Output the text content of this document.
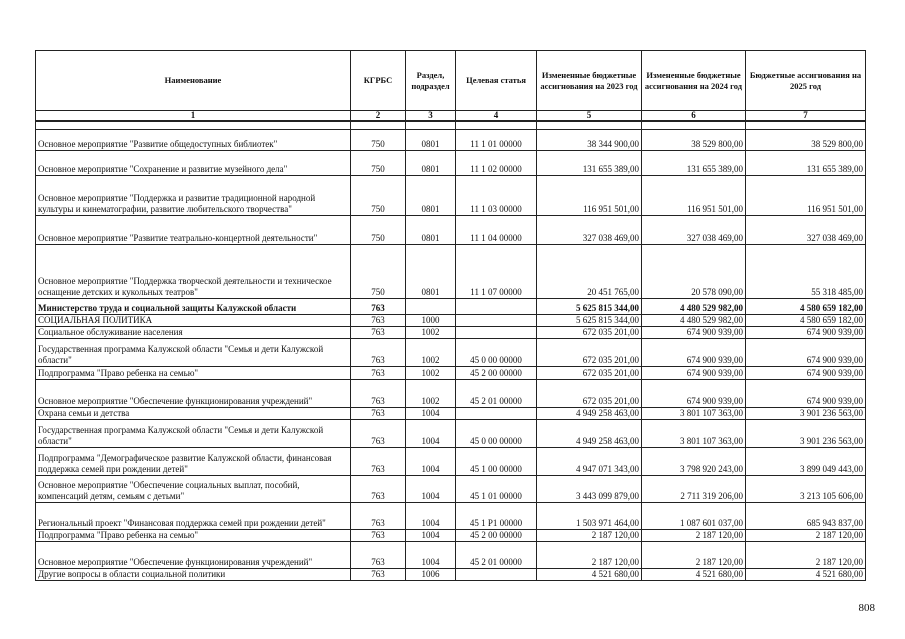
Наименование	КГРБС	Раздел, подраздел	Целевая статья	Измененные бюджетные ассигнования на 2023 год	Измененные бюджетные ассигнования на 2024 год	Бюджетные ассигнования на 2025 год
1	2	3	4	5	6	7

Основное мероприятие "Развитие общедоступных библиотек"	750	0801	11 1 01 00000	38 344 900,00	38 529 800,00	38 529 800,00
Основное мероприятие "Сохранение и развитие музейного дела"	750	0801	11 1 02 00000	131 655 389,00	131 655 389,00	131 655 389,00
Основное мероприятие "Поддержка и развитие традиционной народной культуры и кинематографии, развитие любительского творчества"	750	0801	11 1 03 00000	116 951 501,00	116 951 501,00	116 951 501,00
Основное мероприятие "Развитие театрально-концертной деятельности"	750	0801	11 1 04 00000	327 038 469,00	327 038 469,00	327 038 469,00
Основное мероприятие "Поддержка творческой деятельности и техническое оснащение детских и кукольных театров"	750	0801	11 1 07 00000	20 451 765,00	20 578 090,00	55 318 485,00
Министерство труда и социальной защиты Калужской области	763			5 625 815 344,00	4 480 529 982,00	4 580 659 182,00
СОЦИАЛЬНАЯ ПОЛИТИКА	763	1000		5 625 815 344,00	4 480 529 982,00	4 580 659 182,00
Социальное обслуживание населения	763	1002		672 035 201,00	674 900 939,00	674 900 939,00
Государственная программа Калужской области "Семья и дети Калужской области"	763	1002	45 0 00 00000	672 035 201,00	674 900 939,00	674 900 939,00
Подпрограмма "Право ребенка на семью"	763	1002	45 2 00 00000	672 035 201,00	674 900 939,00	674 900 939,00
Основное мероприятие "Обеспечение функционирования учреждений"	763	1002	45 2 01 00000	672 035 201,00	674 900 939,00	674 900 939,00
Охрана семьи и детства	763	1004		4 949 258 463,00	3 801 107 363,00	3 901 236 563,00
Государственная программа Калужской области "Семья и дети Калужской области"	763	1004	45 0 00 00000	4 949 258 463,00	3 801 107 363,00	3 901 236 563,00
Подпрограмма "Демографическое развитие Калужской области, финансовая поддержка семей при рождении детей"	763	1004	45 1 00 00000	4 947 071 343,00	3 798 920 243,00	3 899 049 443,00
Основное мероприятие "Обеспечение социальных выплат, пособий, компенсаций детям, семьям с детьми"	763	1004	45 1 01 00000	3 443 099 879,00	2 711 319 206,00	3 213 105 606,00
Региональный проект "Финансовая поддержка семей при рождении детей"	763	1004	45 1 P1 00000	1 503 971 464,00	1 087 601 037,00	685 943 837,00
Подпрограмма "Право ребенка на семью"	763	1004	45 2 00 00000	2 187 120,00	2 187 120,00	2 187 120,00
Основное мероприятие "Обеспечение функционирования учреждений"	763	1004	45 2 01 00000	2 187 120,00	2 187 120,00	2 187 120,00
Другие вопросы в области социальной политики	763	1006		4 521 680,00	4 521 680,00	4 521 680,00
808
